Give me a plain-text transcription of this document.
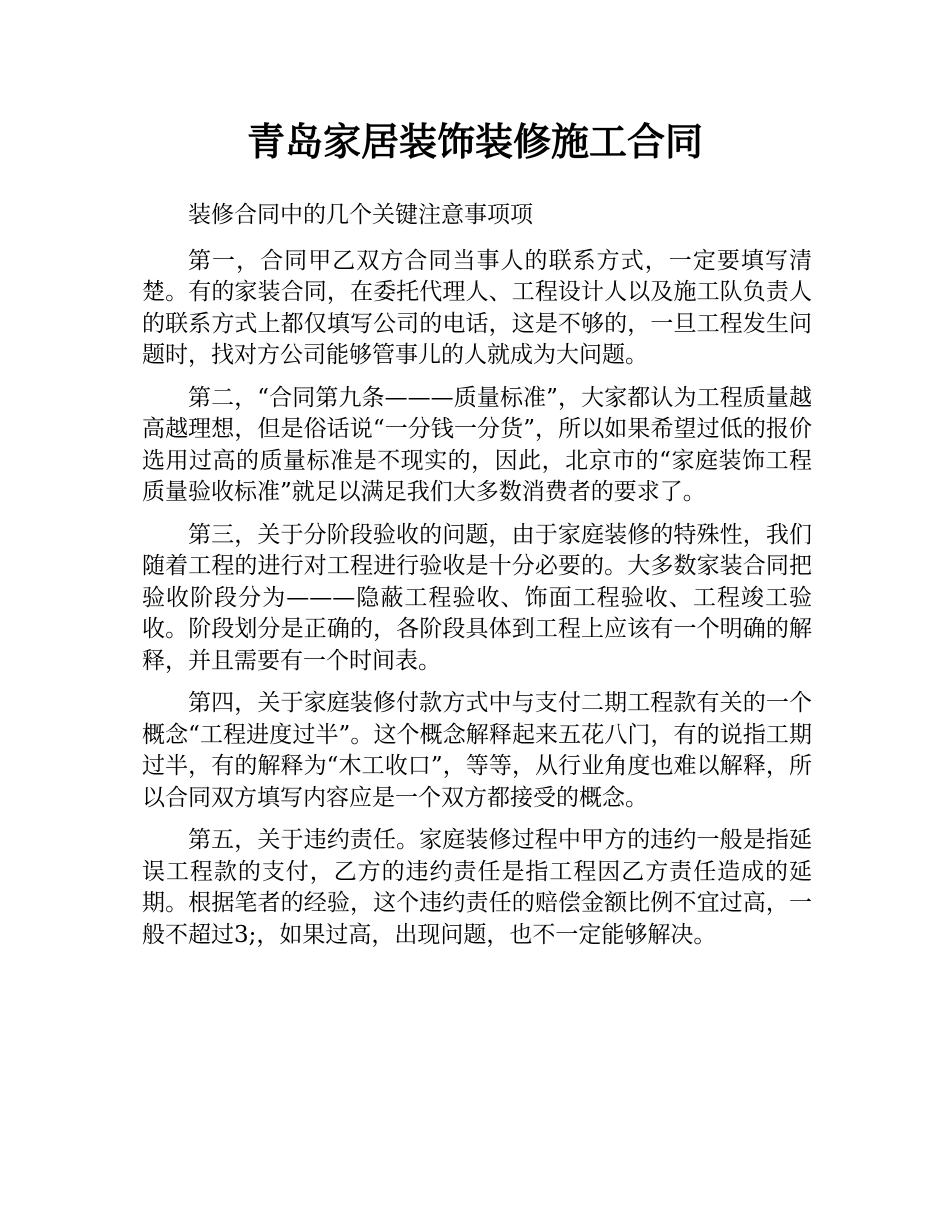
青岛家居装饰装修施工合同

装修合同中的几个关键注意事项项

第一，合同甲乙双方合同当事人的联系方式，一定要填写清楚。有的家装合同，在委托代理人、工程设计人以及施工队负责人的联系方式上都仅填写公司的电话，这是不够的，一旦工程发生问题时，找对方公司能够管事儿的人就成为大问题。

第二，“合同第九条———质量标准”，大家都认为工程质量越高越理想，但是俗话说“一分钱一分货”，所以如果希望过低的报价选用过高的质量标准是不现实的，因此，北京市的“家庭装饰工程质量验收标准”就足以满足我们大多数消费者的要求了。

第三，关于分阶段验收的问题，由于家庭装修的特殊性，我们随着工程的进行对工程进行验收是十分必要的。大多数家装合同把验收阶段分为———隐蔽工程验收、饰面工程验收、工程竣工验收。阶段划分是正确的，各阶段具体到工程上应该有一个明确的解释，并且需要有一个时间表。

第四，关于家庭装修付款方式中与支付二期工程款有关的一个概念“工程进度过半”。这个概念解释起来五花八门，有的说指工期过半，有的解释为“木工收口”，等等，从行业角度也难以解释，所以合同双方填写内容应是一个双方都接受的概念。

第五，关于违约责任。家庭装修过程中甲方的违约一般是指延误工程款的支付，乙方的违约责任是指工程因乙方责任造成的延期。根据笔者的经验，这个违约责任的赔偿金额比例不宜过高，一般不超过3;，如果过高，出现问题，也不一定能够解决。
